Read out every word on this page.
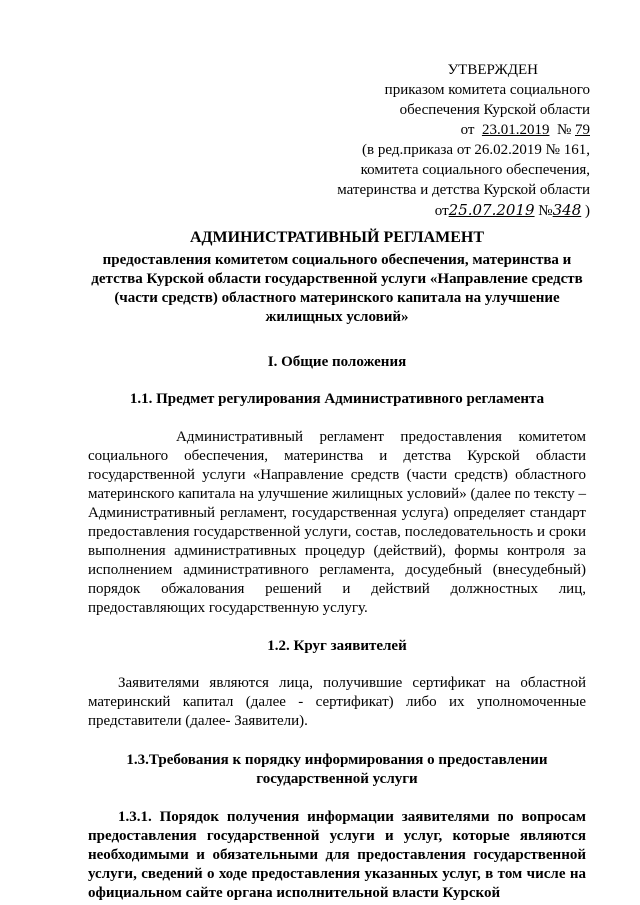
УТВЕРЖДЕН
приказом комитета социального
обеспечения Курской области
от 23.01.2019 № 79
(в ред.приказа от 26.02.2019 № 161,
комитета социального обеспечения,
материнства и детства Курской области
от25.07.2019 №348 )

АДМИНИСТРАТИВНЫЙ РЕГЛАМЕНТ

предоставления комитетом социального обеспечения, материнства и детства Курской области государственной услуги «Направление средств (части средств) областного материнского капитала на улучшение жилищных условий»

I. Общие положения

1.1. Предмет регулирования Административного регламента

Административный регламент предоставления комитетом социального обеспечения, материнства и детства Курской области государственной услуги «Направление средств (части средств) областного материнского капитала на улучшение жилищных условий» (далее по тексту – Административный регламент, государственная услуга) определяет стандарт предоставления государственной услуги, состав, последовательность и сроки выполнения административных процедур (действий), формы контроля за исполнением административного регламента, досудебный (внесудебный) порядок обжалования решений и действий должностных лиц, предоставляющих государственную услугу.

1.2. Круг заявителей

Заявителями являются лица, получившие сертификат на областной материнский капитал (далее - сертификат) либо их уполномоченные представители (далее- Заявители).

1.3.Требования к порядку информирования о предоставлении государственной услуги

1.3.1. Порядок получения информации заявителями по вопросам предоставления государственной услуги и услуг, которые являются необходимыми и обязательными для предоставления государственной услуги, сведений о ходе предоставления указанных услуг, в том числе на официальном сайте органа исполнительной власти Курской
